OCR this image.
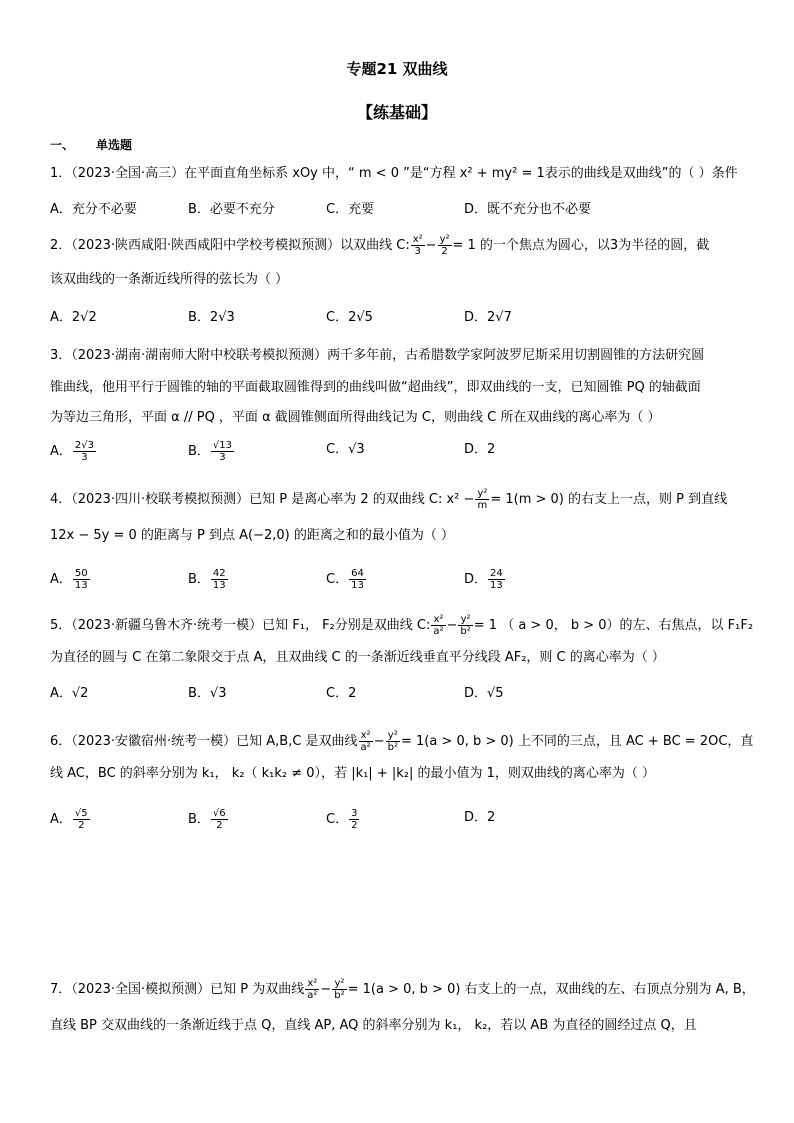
专题21 双曲线
【练基础】
一、 单选题
1．（2023·全国·高三）在平面直角坐标系 xOy 中，“ m < 0 ”是“方程 x² + my² = 1表示的曲线是双曲线”的（ ）条件
A．充分不必要	B．必要不充分	C．充要	D．既不充分也不必要
2．（2023·陕西咸阳·陕西咸阳中学校考模拟预测）以双曲线 C: $\frac{\text{x²}}{3} - \frac{\text{y²}}{2} = 1$ 的一个焦点为圆心，以3为半径的圆，截
该双曲线的一条渐近线所得的弦长为（ ）
A．2√2	B．2√3	C．2√5	D．2√7
3．（2023·湖南·湖南师大附中校联考模拟预测）两千多年前，古希腊数学家阿波罗尼斯采用切割圆锥的方法研究圆
锥曲线，他用平行于圆锥的轴的平面截取圆锥得到的曲线叫做“超曲线”，即双曲线的一支，已知圆锥 PQ 的轴截面
为等边三角形，平面 α // PQ ，平面 α 截圆锥侧面所得曲线记为 C，则曲线 C 所在双曲线的离心率为（ ）
A． $\frac{2√3}{3}$	B． $\frac{√13}{3}$	C．√3	D．2
4．（2023·四川·校联考模拟预测）已知 P 是离心率为 2 的双曲线 C: $x^2 - \frac{\text{y²}}{m} = 1(m > 0)$ 的右支上一点，则 P 到直线
12x − 5y = 0 的距离与 P 到点 A(−2,0) 的距离之和的最小值为（ ）
A． $\frac{50}{13}$	B． $\frac{42}{13}$	C． $\frac{64}{13}$	D． $\frac{24}{13}$
5．（2023·新疆乌鲁木齐·统考一模）已知 F₁， F₂分别是双曲线 C: $\frac{\text{x²}}{\text{a²}} - \frac{\text{y²}}{\text{b²}} = 1$ （ a > 0， b > 0）的左、右焦点，以 F₁F₂
为直径的圆与 C 在第二象限交于点 A，且双曲线 C 的一条渐近线垂直平分线段 AF₂，则 C 的离心率为（ ）
A．√2	B．√3	C．2	D．√5
6．（2023·安徽宿州·统考一模）已知 A,B,C 是双曲线 $\frac{\text{x²}}{\text{a²}} - \frac{\text{y²}}{\text{b²}} = 1(a > 0$, b > 0) 上不同的三点，且 AC + BC = 2OC，直
线 AC，BC 的斜率分别为 k₁， k₂（ k₁k₂ ≠ 0），若 |k₁| + |k₂| 的最小值为 1，则双曲线的离心率为（ ）
A． $\frac{√5}{2}$	B． $\frac{√6}{2}$	C． $\frac{3}{2}$	D．2
7．（2023·全国·模拟预测）已知 P 为双曲线 $\frac{\text{x²}}{\text{a²}} - \frac{\text{y²}}{\text{b²}} = 1(a > 0$, b > 0) 右支上的一点，双曲线的左、右顶点分别为 A, B，
直线 BP 交双曲线的一条渐近线于点 Q，直线 AP, AQ 的斜率分别为 k₁， k₂，若以 AB 为直径的圆经过点 Q，且
